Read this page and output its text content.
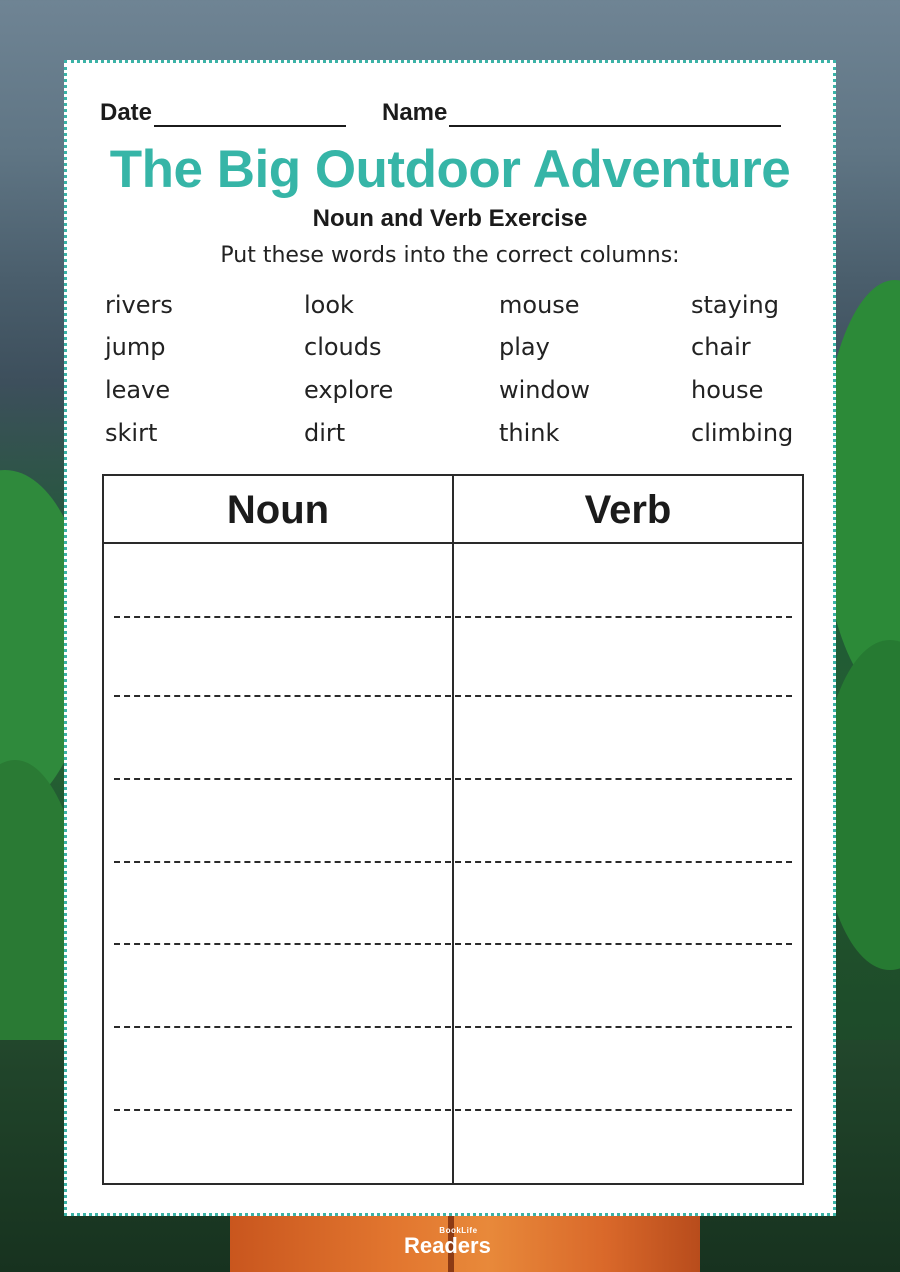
BookLife
Readers
Date	Name
The Big Outdoor Adventure
Noun and Verb Exercise
Put these words into the correct columns:
rivers	look	mouse	staying
jump	clouds	play	chair
leave	explore	window	house
skirt	dirt	think	climbing
Noun	Verb
